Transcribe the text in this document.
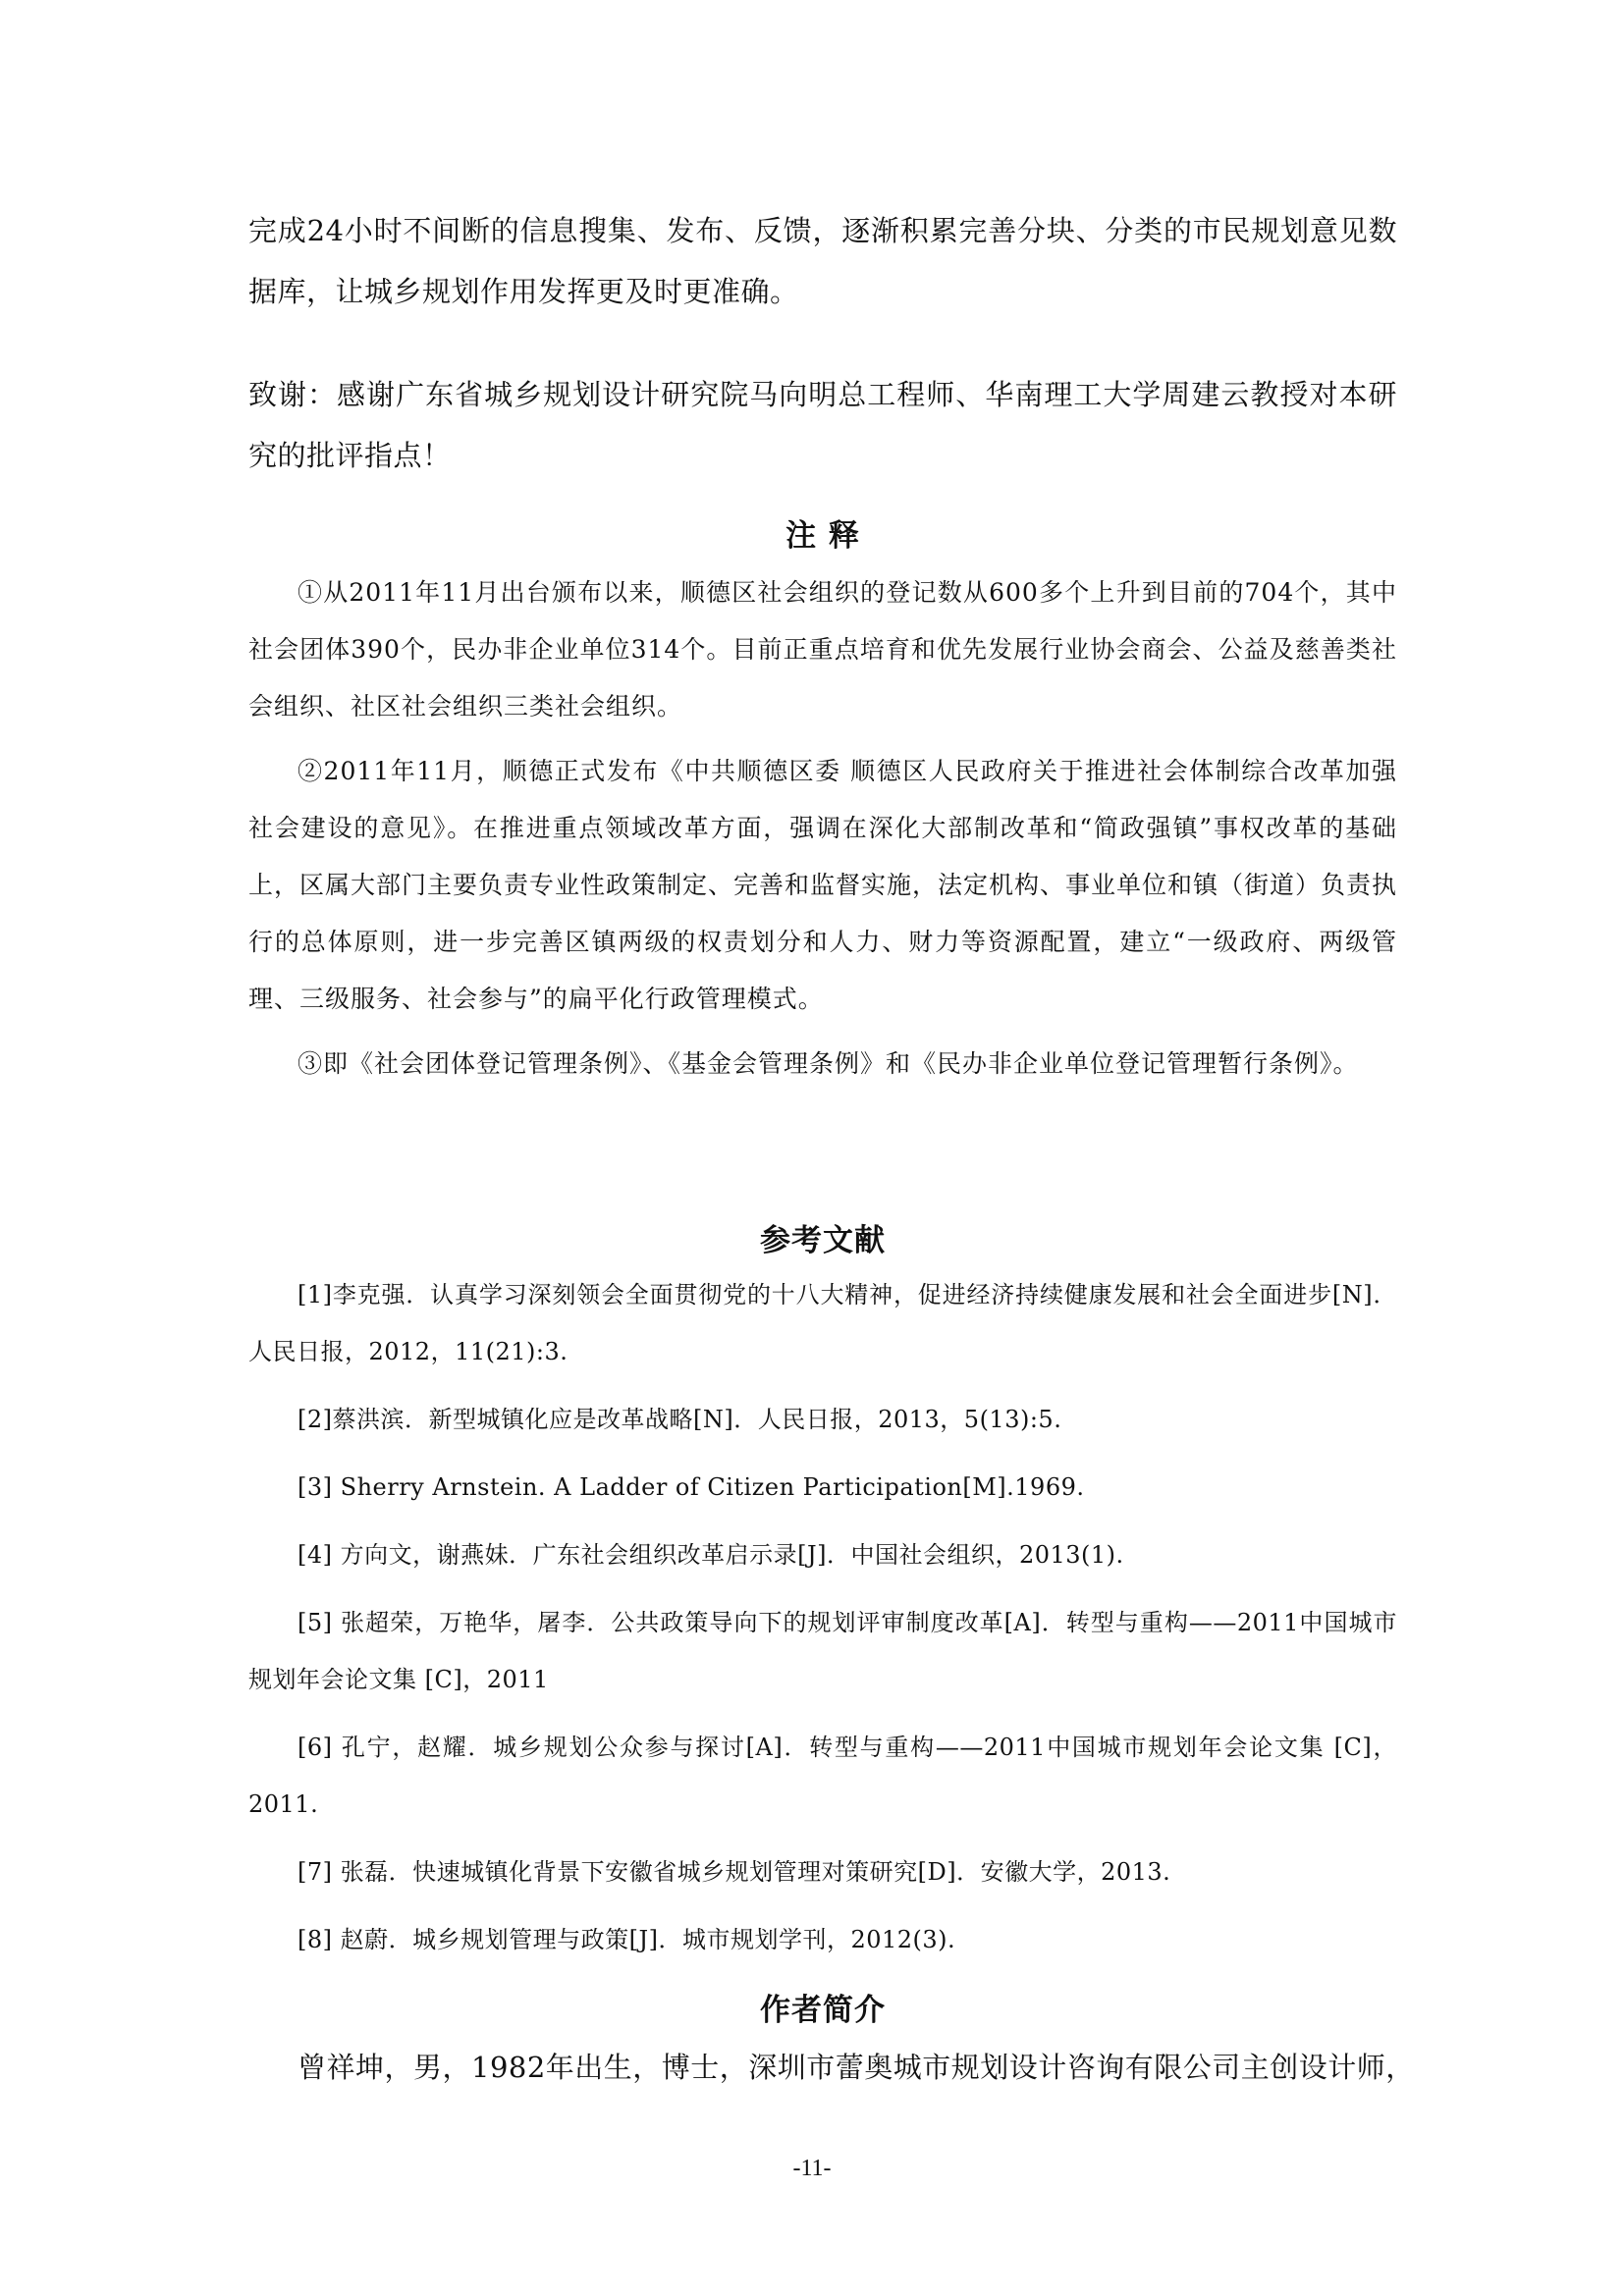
完成24小时不间断的信息搜集、发布、反馈，逐渐积累完善分块、分类的市民规划意见数据库，让城乡规划作用发挥更及时更准确。
致谢：感谢广东省城乡规划设计研究院马向明总工程师、华南理工大学周建云教授对本研究的批评指点！
注 释

①从2011年11月出台颁布以来，顺德区社会组织的登记数从600多个上升到目前的704个，其中社会团体390个，民办非企业单位314个。目前正重点培育和优先发展行业协会商会、公益及慈善类社会组织、社区社会组织三类社会组织。

②2011年11月，顺德正式发布《中共顺德区委 顺德区人民政府关于推进社会体制综合改革加强社会建设的意见》。在推进重点领域改革方面，强调在深化大部制改革和“简政强镇”事权改革的基础上，区属大部门主要负责专业性政策制定、完善和监督实施，法定机构、事业单位和镇（街道）负责执行的总体原则，进一步完善区镇两级的权责划分和人力、财力等资源配置，建立“一级政府、两级管理、三级服务、社会参与”的扁平化行政管理模式。

③即《社会团体登记管理条例》、《基金会管理条例》和《民办非企业单位登记管理暂行条例》。

参考文献

[1]李克强．认真学习深刻领会全面贯彻党的十八大精神，促进经济持续健康发展和社会全面进步[N]．人民日报，2012，11(21):3.

[2]蔡洪滨．新型城镇化应是改革战略[N]．人民日报，2013，5(13):5.

[3] Sherry Arnstein. A Ladder of Citizen Participation[M].1969.

[4] 方向文，谢燕妹．广东社会组织改革启示录[J]．中国社会组织，2013(1).

[5] 张超荣，万艳华，屠李．公共政策导向下的规划评审制度改革[A]．转型与重构——2011中国城市规划年会论文集 [C]，2011

[6] 孔宁，赵耀．城乡规划公众参与探讨[A]．转型与重构——2011中国城市规划年会论文集 [C]，2011.

[7] 张磊．快速城镇化背景下安徽省城乡规划管理对策研究[D]．安徽大学，2013.

[8] 赵蔚．城乡规划管理与政策[J]．城市规划学刊，2012(3).

作者简介

曾祥坤，男，1982年出生，博士，深圳市蕾奥城市规划设计咨询有限公司主创设计师，

-11-
